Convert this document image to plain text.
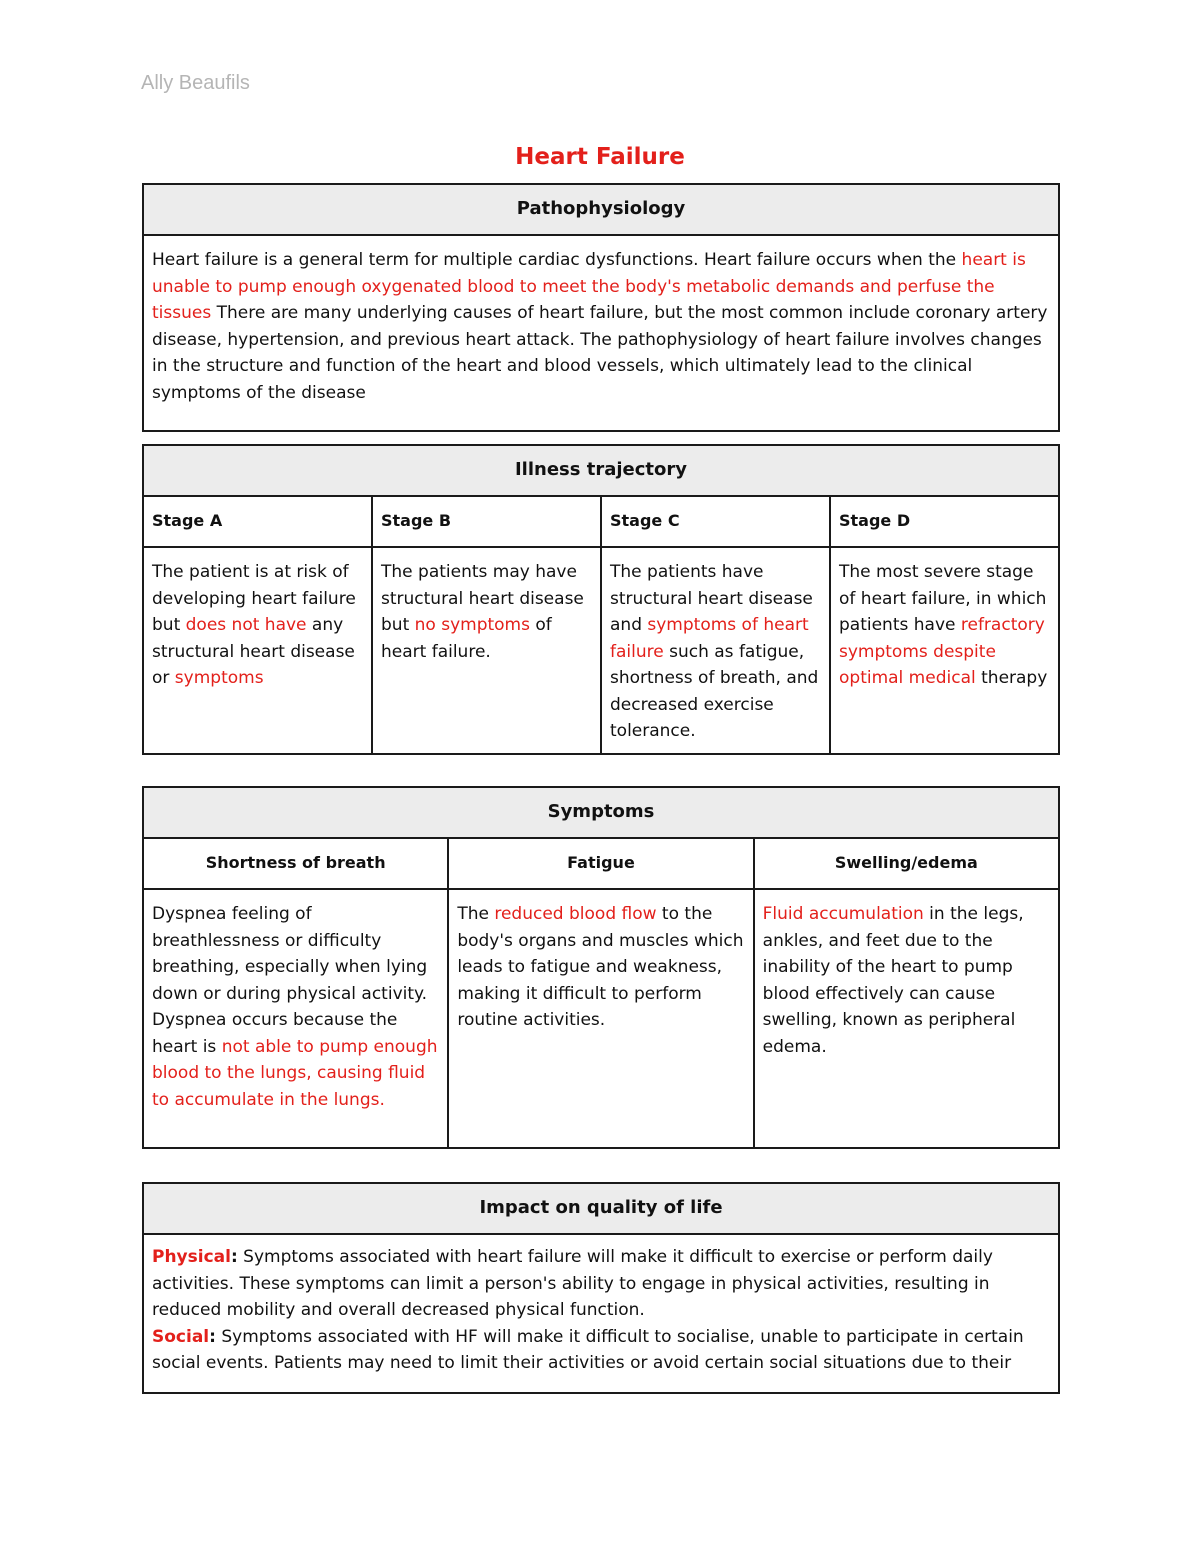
Ally Beaufils
Heart Failure
Pathophysiology
Heart failure is a general term for multiple cardiac dysfunctions. Heart failure occurs when the heart is unable to pump enough oxygenated blood to meet the body's metabolic demands and perfuse the tissues There are many underlying causes of heart failure, but the most common include coronary artery disease, hypertension, and previous heart attack. The pathophysiology of heart failure involves changes in the structure and function of the heart and blood vessels, which ultimately lead to the clinical symptoms of the disease
Illness trajectory			
Stage A	Stage B	Stage C	Stage D
The patient is at risk of developing heart failure but does not have any structural heart disease or symptoms	The patients may have structural heart disease but no symptoms of heart failure.	The patients have structural heart disease and symptoms of heart failure such as fatigue, shortness of breath, and decreased exercise tolerance.	The most severe stage of heart failure, in which patients have refractory symptoms despite optimal medical therapy
Symptoms		
Shortness of breath	Fatigue	Swelling/edema
Dyspnea feeling of breathlessness or difficulty breathing, especially when lying down or during physical activity. Dyspnea occurs because the heart is not able to pump enough blood to the lungs, causing fluid to accumulate in the lungs.	The reduced blood flow to the body's organs and muscles which leads to fatigue and weakness, making it difficult to perform routine activities.	Fluid accumulation in the legs, ankles, and feet due to the inability of the heart to pump blood effectively can cause swelling, known as peripheral edema.
Impact on quality of life
Physical: Symptoms associated with heart failure will make it difficult to exercise or perform daily activities. These symptoms can limit a person's ability to engage in physical activities, resulting in reduced mobility and overall decreased physical function.
Social: Symptoms associated with HF will make it difficult to socialise, unable to participate in certain social events. Patients may need to limit their activities or avoid certain social situations due to their
